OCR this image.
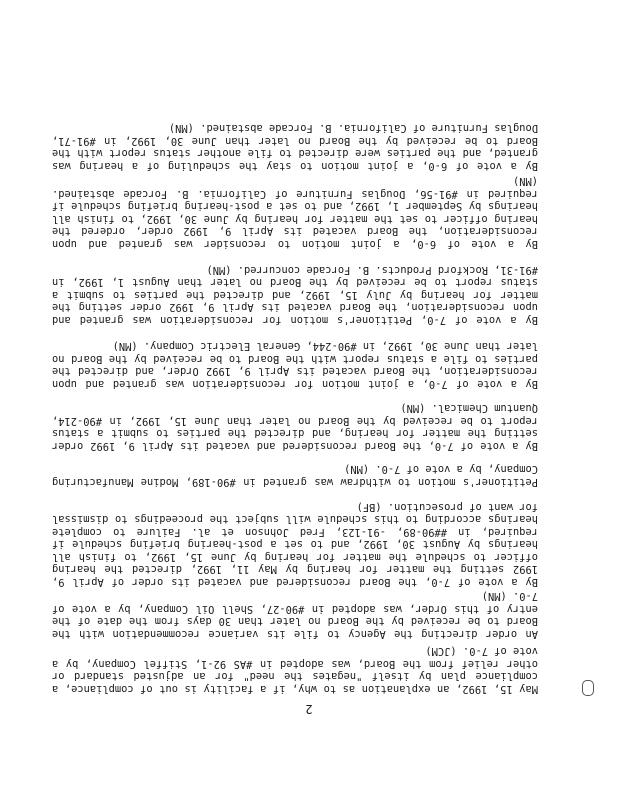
2
May 15, 1992, an explanation as to why, if a facility is out of compliance, a compliance plan by itself "negates the need" for an adjusted standard or other relief from the Board, was adopted in #AS 92-1, Stiffel Company, by a vote of 7-0. (JCM)
An order directing the Agency to file its variance recommendation with the Board to be received by the Board no later than 30 days from the date of the entry of this Order, was adopted in #90-27, Shell Oil Company, by a vote of 7-0. (MN)
By a vote of 7-0, the Board reconsidered and vacated its order of April 9, 1992 setting the matter for hearing by May 11, 1992, directed the hearing officer to schedule the matter for hearing by June 15, 1992, to finish all hearings by August 30, 1992, and to set a post-hearing briefing schedule if required, in ##90-89, -91-123, Fred Johnson et al. Failure to complete hearings according to this schedule will subject the proceedings to dismissal for want of prosecution. (BF)
Petitioner's motion to withdraw was granted in #90-189, Modine Manufacturing Company, by a vote of 7-0. (MN)
By a vote of 7-0, the Board reconsidered and vacated its April 9, 1992 order setting the matter for hearing, and directed the parties to submit a status report to be received by the Board no later than June 15, 1992, in #90-214, Quantum Chemical. (MN)
By a vote of 7-0, a joint motion for reconsideration was granted and upon reconsideration, the Board vacated its April 9, 1992 Order, and directed the parties to file a status report with the Board to be received by the Board no later than June 30, 1992, in #90-244, General Electric Company. (MN)
By a vote of 7-0, Petitioner's motion for reconsideration was granted and upon reconsideration, the Board vacated its April 9, 1992 order setting the matter for hearing by July 15, 1992, and directed the parties to submit a status report to be received by the Board no later than August 1, 1992, in #91-31, Rockford Products. B. Forcade concurred. (MN)
By a vote of 6-0, a joint motion to reconsider was granted and upon reconsideration, the Board vacated its April 9, 1992 order, ordered the hearing officer to set the matter for hearing by June 30, 1992, to finish all hearings by September 1, 1992, and to set a post-hearing briefing schedule if required in #91-56, Douglas Furniture of California. B. Forcade abstained. (MN)
By a vote of 6-0, a joint motion to stay the scheduling of a hearing was granted, and the parties were directed to file another status report with the Board to be received by the Board no later than June 30, 1992, in #91-71, Douglas Furniture of California. B. Forcade abstained. (MN)
